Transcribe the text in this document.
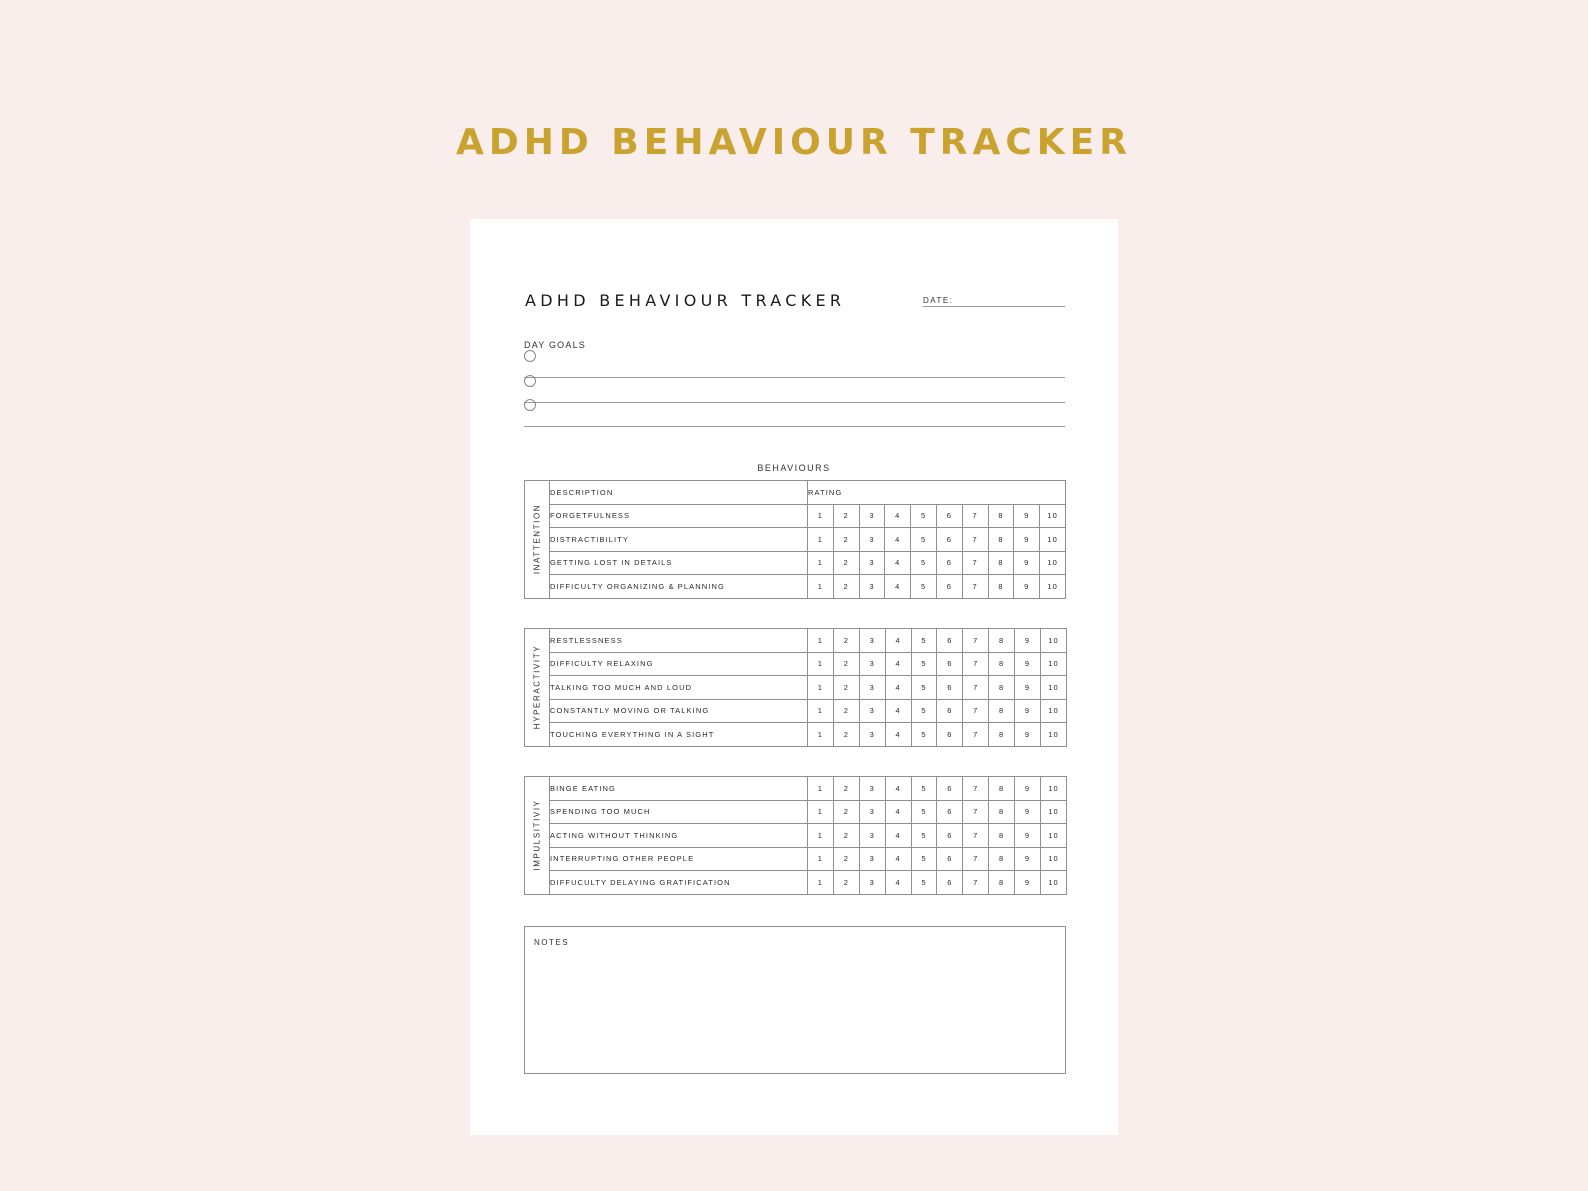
ADHD BEHAVIOUR TRACKER
ADHD BEHAVIOUR TRACKER	DATE:
DAY GOALS
BEHAVIOURS
INATTENTION	DESCRIPTION	RATING									
	FORGETFULNESS	1	2	3	4	5	6	7	8	9	10
	DISTRACTIBILITY	1	2	3	4	5	6	7	8	9	10
	GETTING LOST IN DETAILS	1	2	3	4	5	6	7	8	9	10
	DIFFICULTY ORGANIZING & PLANNING	1	2	3	4	5	6	7	8	9	10
HYPERACTIVITY	RESTLESSNESS	1	2	3	4	5	6	7	8	9	10
	DIFFICULTY RELAXING	1	2	3	4	5	6	7	8	9	10
	TALKING TOO MUCH AND LOUD	1	2	3	4	5	6	7	8	9	10
	CONSTANTLY MOVING OR TALKING	1	2	3	4	5	6	7	8	9	10
	TOUCHING EVERYTHING IN A SIGHT	1	2	3	4	5	6	7	8	9	10
IMPULSITIVIY	BINGE EATING	1	2	3	4	5	6	7	8	9	10
	SPENDING TOO MUCH	1	2	3	4	5	6	7	8	9	10
	ACTING WITHOUT THINKING	1	2	3	4	5	6	7	8	9	10
	INTERRUPTING OTHER PEOPLE	1	2	3	4	5	6	7	8	9	10
	DIFFUCULTY DELAYING GRATIFICATION	1	2	3	4	5	6	7	8	9	10
NOTES
